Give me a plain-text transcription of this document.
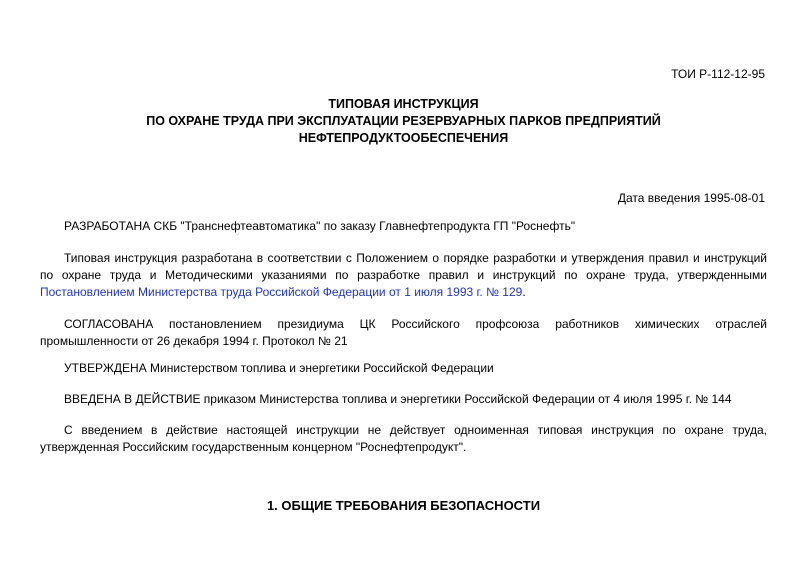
ТОИ Р-112-12-95
ТИПОВАЯ ИНСТРУКЦИЯ
ПО ОХРАНЕ ТРУДА ПРИ ЭКСПЛУАТАЦИИ РЕЗЕРВУАРНЫХ ПАРКОВ ПРЕДПРИЯТИЙ
НЕФТЕПРОДУКТООБЕСПЕЧЕНИЯ
Дата введения 1995-08-01

РАЗРАБОТАНА СКБ "Транснефтеавтоматика" по заказу Главнефтепродукта ГП "Роснефть"

Типовая инструкция разработана в соответствии с Положением о порядке разработки и утверждения правил и инструкций по охране труда и Методическими указаниями по разработке правил и инструкций по охране труда, утвержденными Постановлением Министерства труда Российской Федерации от 1 июля 1993 г. № 129.

СОГЛАСОВАНА постановлением президиума ЦК Российского профсоюза работников химических отраслей промышленности от 26 декабря 1994 г. Протокол № 21

УТВЕРЖДЕНА Министерством топлива и энергетики Российской Федерации

ВВЕДЕНА В ДЕЙСТВИЕ приказом Министерства топлива и энергетики Российской Федерации от 4 июля 1995 г. № 144

С введением в действие настоящей инструкции не действует одноименная типовая инструкция по охране труда, утвержденная Российским государственным концерном "Роснефтепродукт".

1. ОБЩИЕ ТРЕБОВАНИЯ БЕЗОПАСНОСТИ
